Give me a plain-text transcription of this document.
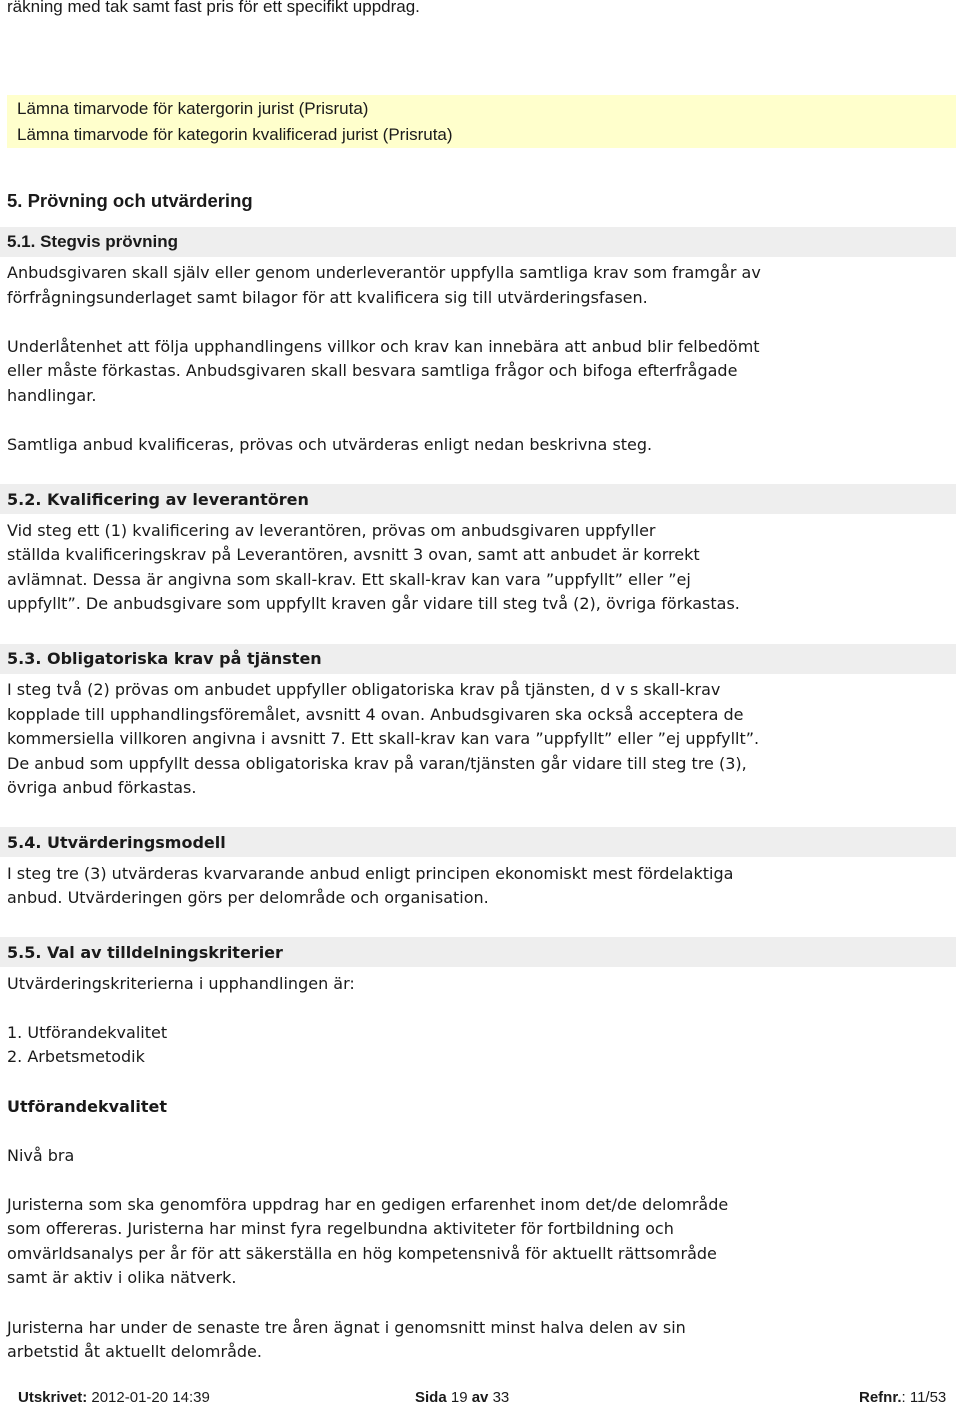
räkning med tak samt fast pris för ett specifikt uppdrag.
Lämna timarvode för katergorin jurist (Prisruta)
Lämna timarvode för kategorin kvalificerad jurist (Prisruta)
5. Prövning och utvärdering
5.1. Stegvis prövning
Anbudsgivaren skall själv eller genom underleverantör uppfylla samtliga krav som framgår av
förfrågningsunderlaget samt bilagor för att kvalificera sig till utvärderingsfasen.
Underlåtenhet att följa upphandlingens villkor och krav kan innebära att anbud blir felbedömt
eller måste förkastas. Anbudsgivaren skall besvara samtliga frågor och bifoga efterfrågade
handlingar.
Samtliga anbud kvalificeras, prövas och utvärderas enligt nedan beskrivna steg.
5.2. Kvalificering av leverantören
Vid steg ett (1) kvalificering av leverantören, prövas om anbudsgivaren uppfyller
ställda kvalificeringskrav på Leverantören, avsnitt 3 ovan, samt att anbudet är korrekt
avlämnat. Dessa är angivna som skall-krav. Ett skall-krav kan vara ”uppfyllt” eller ”ej
uppfyllt”. De anbudsgivare som uppfyllt kraven går vidare till steg två (2), övriga förkastas.
5.3. Obligatoriska krav på tjänsten
I steg två (2) prövas om anbudet uppfyller obligatoriska krav på tjänsten, d v s skall-krav
kopplade till upphandlingsföremålet, avsnitt 4 ovan. Anbudsgivaren ska också acceptera de
kommersiella villkoren angivna i avsnitt 7. Ett skall-krav kan vara ”uppfyllt” eller ”ej uppfyllt”.
De anbud som uppfyllt dessa obligatoriska krav på varan/tjänsten går vidare till steg tre (3),
övriga anbud förkastas.
5.4. Utvärderingsmodell
I steg tre (3) utvärderas kvarvarande anbud enligt principen ekonomiskt mest fördelaktiga
anbud. Utvärderingen görs per delområde och organisation.
5.5. Val av tilldelningskriterier
Utvärderingskriterierna i upphandlingen är:
1. Utförandekvalitet
2. Arbetsmetodik
Utförandekvalitet
Nivå bra
Juristerna som ska genomföra uppdrag har en gedigen erfarenhet inom det/de delområde
som offereras. Juristerna har minst fyra regelbundna aktiviteter för fortbildning och
omvärldsanalys per år för att säkerställa en hög kompetensnivå för aktuellt rättsområde
samt är aktiv i olika nätverk.
Juristerna har under de senaste tre åren ägnat i genomsnitt minst halva delen av sin
arbetstid åt aktuellt delområde.
Utskrivet: 2012-01-20 14:39	Sida 19 av 33	Refnr.: 11/53
